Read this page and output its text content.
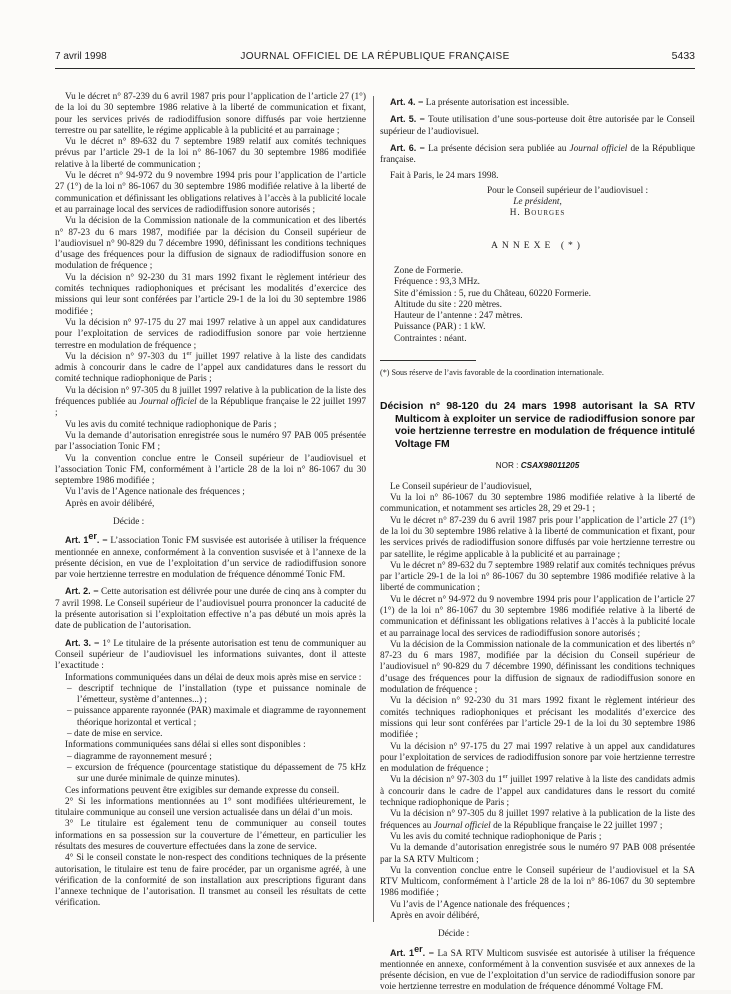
7 avril 1998	JOURNAL OFFICIEL DE LA RÉPUBLIQUE FRANÇAISE	5433

Vu le décret n° 87-239 du 6 avril 1987 pris pour l’application de l’article 27 (1°) de la loi du 30 septembre 1986 relative à la liberté de communication et fixant, pour les services privés de radiodiffusion sonore diffusés par voie hertzienne terrestre ou par satellite, le régime applicable à la publicité et au parrainage ;

Vu le décret n° 89-632 du 7 septembre 1989 relatif aux comités techniques prévus par l’article 29-1 de la loi n° 86-1067 du 30 septembre 1986 modifiée relative à la liberté de communication ;

Vu le décret n° 94-972 du 9 novembre 1994 pris pour l’application de l’article 27 (1°) de la loi n° 86-1067 du 30 septembre 1986 modifiée relative à la liberté de communication et définissant les obligations relatives à l’accès à la publicité locale et au parrainage local des services de radiodiffusion sonore autorisés ;

Vu la décision de la Commission nationale de la communication et des libertés n° 87-23 du 6 mars 1987, modifiée par la décision du Conseil supérieur de l’audiovisuel n° 90-829 du 7 décembre 1990, définissant les conditions techniques d’usage des fréquences pour la diffusion de signaux de radiodiffusion sonore en modulation de fréquence ;

Vu la décision n° 92-230 du 31 mars 1992 fixant le règlement intérieur des comités techniques radiophoniques et précisant les modalités d’exercice des missions qui leur sont conférées par l’article 29-1 de la loi du 30 septembre 1986 modifiée ;

Vu la décision n° 97-175 du 27 mai 1997 relative à un appel aux candidatures pour l’exploitation de services de radiodiffusion sonore par voie hertzienne terrestre en modulation de fréquence ;

Vu la décision n° 97-303 du 1er juillet 1997 relative à la liste des candidats admis à concourir dans le cadre de l’appel aux candidatures dans le ressort du comité technique radiophonique de Paris ;

Vu la décision n° 97-305 du 8 juillet 1997 relative à la publication de la liste des fréquences publiée au Journal officiel de la République française le 22 juillet 1997 ;

Vu les avis du comité technique radiophonique de Paris ;

Vu la demande d’autorisation enregistrée sous le numéro 97 PAB 005 présentée par l’association Tonic FM ;

Vu la convention conclue entre le Conseil supérieur de l’audiovisuel et l’association Tonic FM, conformément à l’article 28 de la loi n° 86-1067 du 30 septembre 1986 modifiée ;

Vu l’avis de l’Agence nationale des fréquences ;

Après en avoir délibéré,

Décide :

Art. 1er. − L’association Tonic FM susvisée est autorisée à utiliser la fréquence mentionnée en annexe, conformément à la convention susvisée et à l’annexe de la présente décision, en vue de l’exploitation d’un service de radiodiffusion sonore par voie hertzienne terrestre en modulation de fréquence dénommé Tonic FM.

Art. 2. − Cette autorisation est délivrée pour une durée de cinq ans à compter du 7 avril 1998. Le Conseil supérieur de l’audiovisuel pourra prononcer la caducité de la présente autorisation si l’exploitation effective n’a pas débuté un mois après la date de publication de l’autorisation.

Art. 3. − 1° Le titulaire de la présente autorisation est tenu de communiquer au Conseil supérieur de l’audiovisuel les informations suivantes, dont il atteste l’exactitude :

Informations communiquées dans un délai de deux mois après mise en service :

– descriptif technique de l’installation (type et puissance nominale de l’émetteur, système d’antennes...) ;

– puissance apparente rayonnée (PAR) maximale et diagramme de rayonnement théorique horizontal et vertical ;

– date de mise en service.

Informations communiquées sans délai si elles sont disponibles :

– diagramme de rayonnement mesuré ;

– excursion de fréquence (pourcentage statistique du dépassement de 75 kHz sur une durée minimale de quinze minutes).

Ces informations peuvent être exigibles sur demande expresse du conseil.

2° Si les informations mentionnées au 1° sont modifiées ultérieurement, le titulaire communique au conseil une version actualisée dans un délai d’un mois.

3° Le titulaire est également tenu de communiquer au conseil toutes informations en sa possession sur la couverture de l’émetteur, en particulier les résultats des mesures de couverture effectuées dans la zone de service.

4° Si le conseil constate le non-respect des conditions techniques de la présente autorisation, le titulaire est tenu de faire procéder, par un organisme agréé, à une vérification de la conformité de son installation aux prescriptions figurant dans l’annexe technique de l’autorisation. Il transmet au conseil les résultats de cette vérification.

Art. 4. − La présente autorisation est incessible.

Art. 5. − Toute utilisation d’une sous-porteuse doit être autorisée par le Conseil supérieur de l’audiovisuel.

Art. 6. − La présente décision sera publiée au Journal officiel de la République française.

Fait à Paris, le 24 mars 1998.

Pour le Conseil supérieur de l’audiovisuel :

Le président,

H. Bourges

ANNEXE (*)

Zone de Formerie.

Fréquence : 93,3 MHz.

Site d’émission : 5, rue du Château, 60220 Formerie.

Altitude du site : 220 mètres.

Hauteur de l’antenne : 247 mètres.

Puissance (PAR) : 1 kW.

Contraintes : néant.

(*) Sous réserve de l’avis favorable de la coordination internationale.

Décision n° 98-120 du 24 mars 1998 autorisant la SA RTV Multicom à exploiter un service de radiodiffusion sonore par voie hertzienne terrestre en modulation de fréquence intitulé Voltage FM

NOR : CSAX98011205

Le Conseil supérieur de l’audiovisuel,

Vu la loi n° 86-1067 du 30 septembre 1986 modifiée relative à la liberté de communication, et notamment ses articles 28, 29 et 29-1 ;

Vu le décret n° 87-239 du 6 avril 1987 pris pour l’application de l’article 27 (1°) de la loi du 30 septembre 1986 relative à la liberté de communication et fixant, pour les services privés de radiodiffusion sonore diffusés par voie hertzienne terrestre ou par satellite, le régime applicable à la publicité et au parrainage ;

Vu le décret n° 89-632 du 7 septembre 1989 relatif aux comités techniques prévus par l’article 29-1 de la loi n° 86-1067 du 30 septembre 1986 modifiée relative à la liberté de communication ;

Vu le décret n° 94-972 du 9 novembre 1994 pris pour l’application de l’article 27 (1°) de la loi n° 86-1067 du 30 septembre 1986 modifiée relative à la liberté de communication et définissant les obligations relatives à l’accès à la publicité locale et au parrainage local des services de radiodiffusion sonore autorisés ;

Vu la décision de la Commission nationale de la communication et des libertés n° 87-23 du 6 mars 1987, modifiée par la décision du Conseil supérieur de l’audiovisuel n° 90-829 du 7 décembre 1990, définissant les conditions techniques d’usage des fréquences pour la diffusion de signaux de radiodiffusion sonore en modulation de fréquence ;

Vu la décision n° 92-230 du 31 mars 1992 fixant le règlement intérieur des comités techniques radiophoniques et précisant les modalités d’exercice des missions qui leur sont conférées par l’article 29-1 de la loi du 30 septembre 1986 modifiée ;

Vu la décision n° 97-175 du 27 mai 1997 relative à un appel aux candidatures pour l’exploitation de services de radiodiffusion sonore par voie hertzienne terrestre en modulation de fréquence ;

Vu la décision n° 97-303 du 1er juillet 1997 relative à la liste des candidats admis à concourir dans le cadre de l’appel aux candidatures dans le ressort du comité technique radiophonique de Paris ;

Vu la décision n° 97-305 du 8 juillet 1997 relative à la publication de la liste des fréquences au Journal officiel de la République française le 22 juillet 1997 ;

Vu les avis du comité technique radiophonique de Paris ;

Vu la demande d’autorisation enregistrée sous le numéro 97 PAB 008 présentée par la SA RTV Multicom ;

Vu la convention conclue entre le Conseil supérieur de l’audiovisuel et la SA RTV Multicom, conformément à l’article 28 de la loi n° 86-1067 du 30 septembre 1986 modifiée ;

Vu l’avis de l’Agence nationale des fréquences ;

Après en avoir délibéré,

Décide :

Art. 1er. − La SA RTV Multicom susvisée est autorisée à utiliser la fréquence mentionnée en annexe, conformément à la convention susvisée et aux annexes de la présente décision, en vue de l’exploitation d’un service de radiodiffusion sonore par voie hertzienne terrestre en modulation de fréquence dénommé Voltage FM.
